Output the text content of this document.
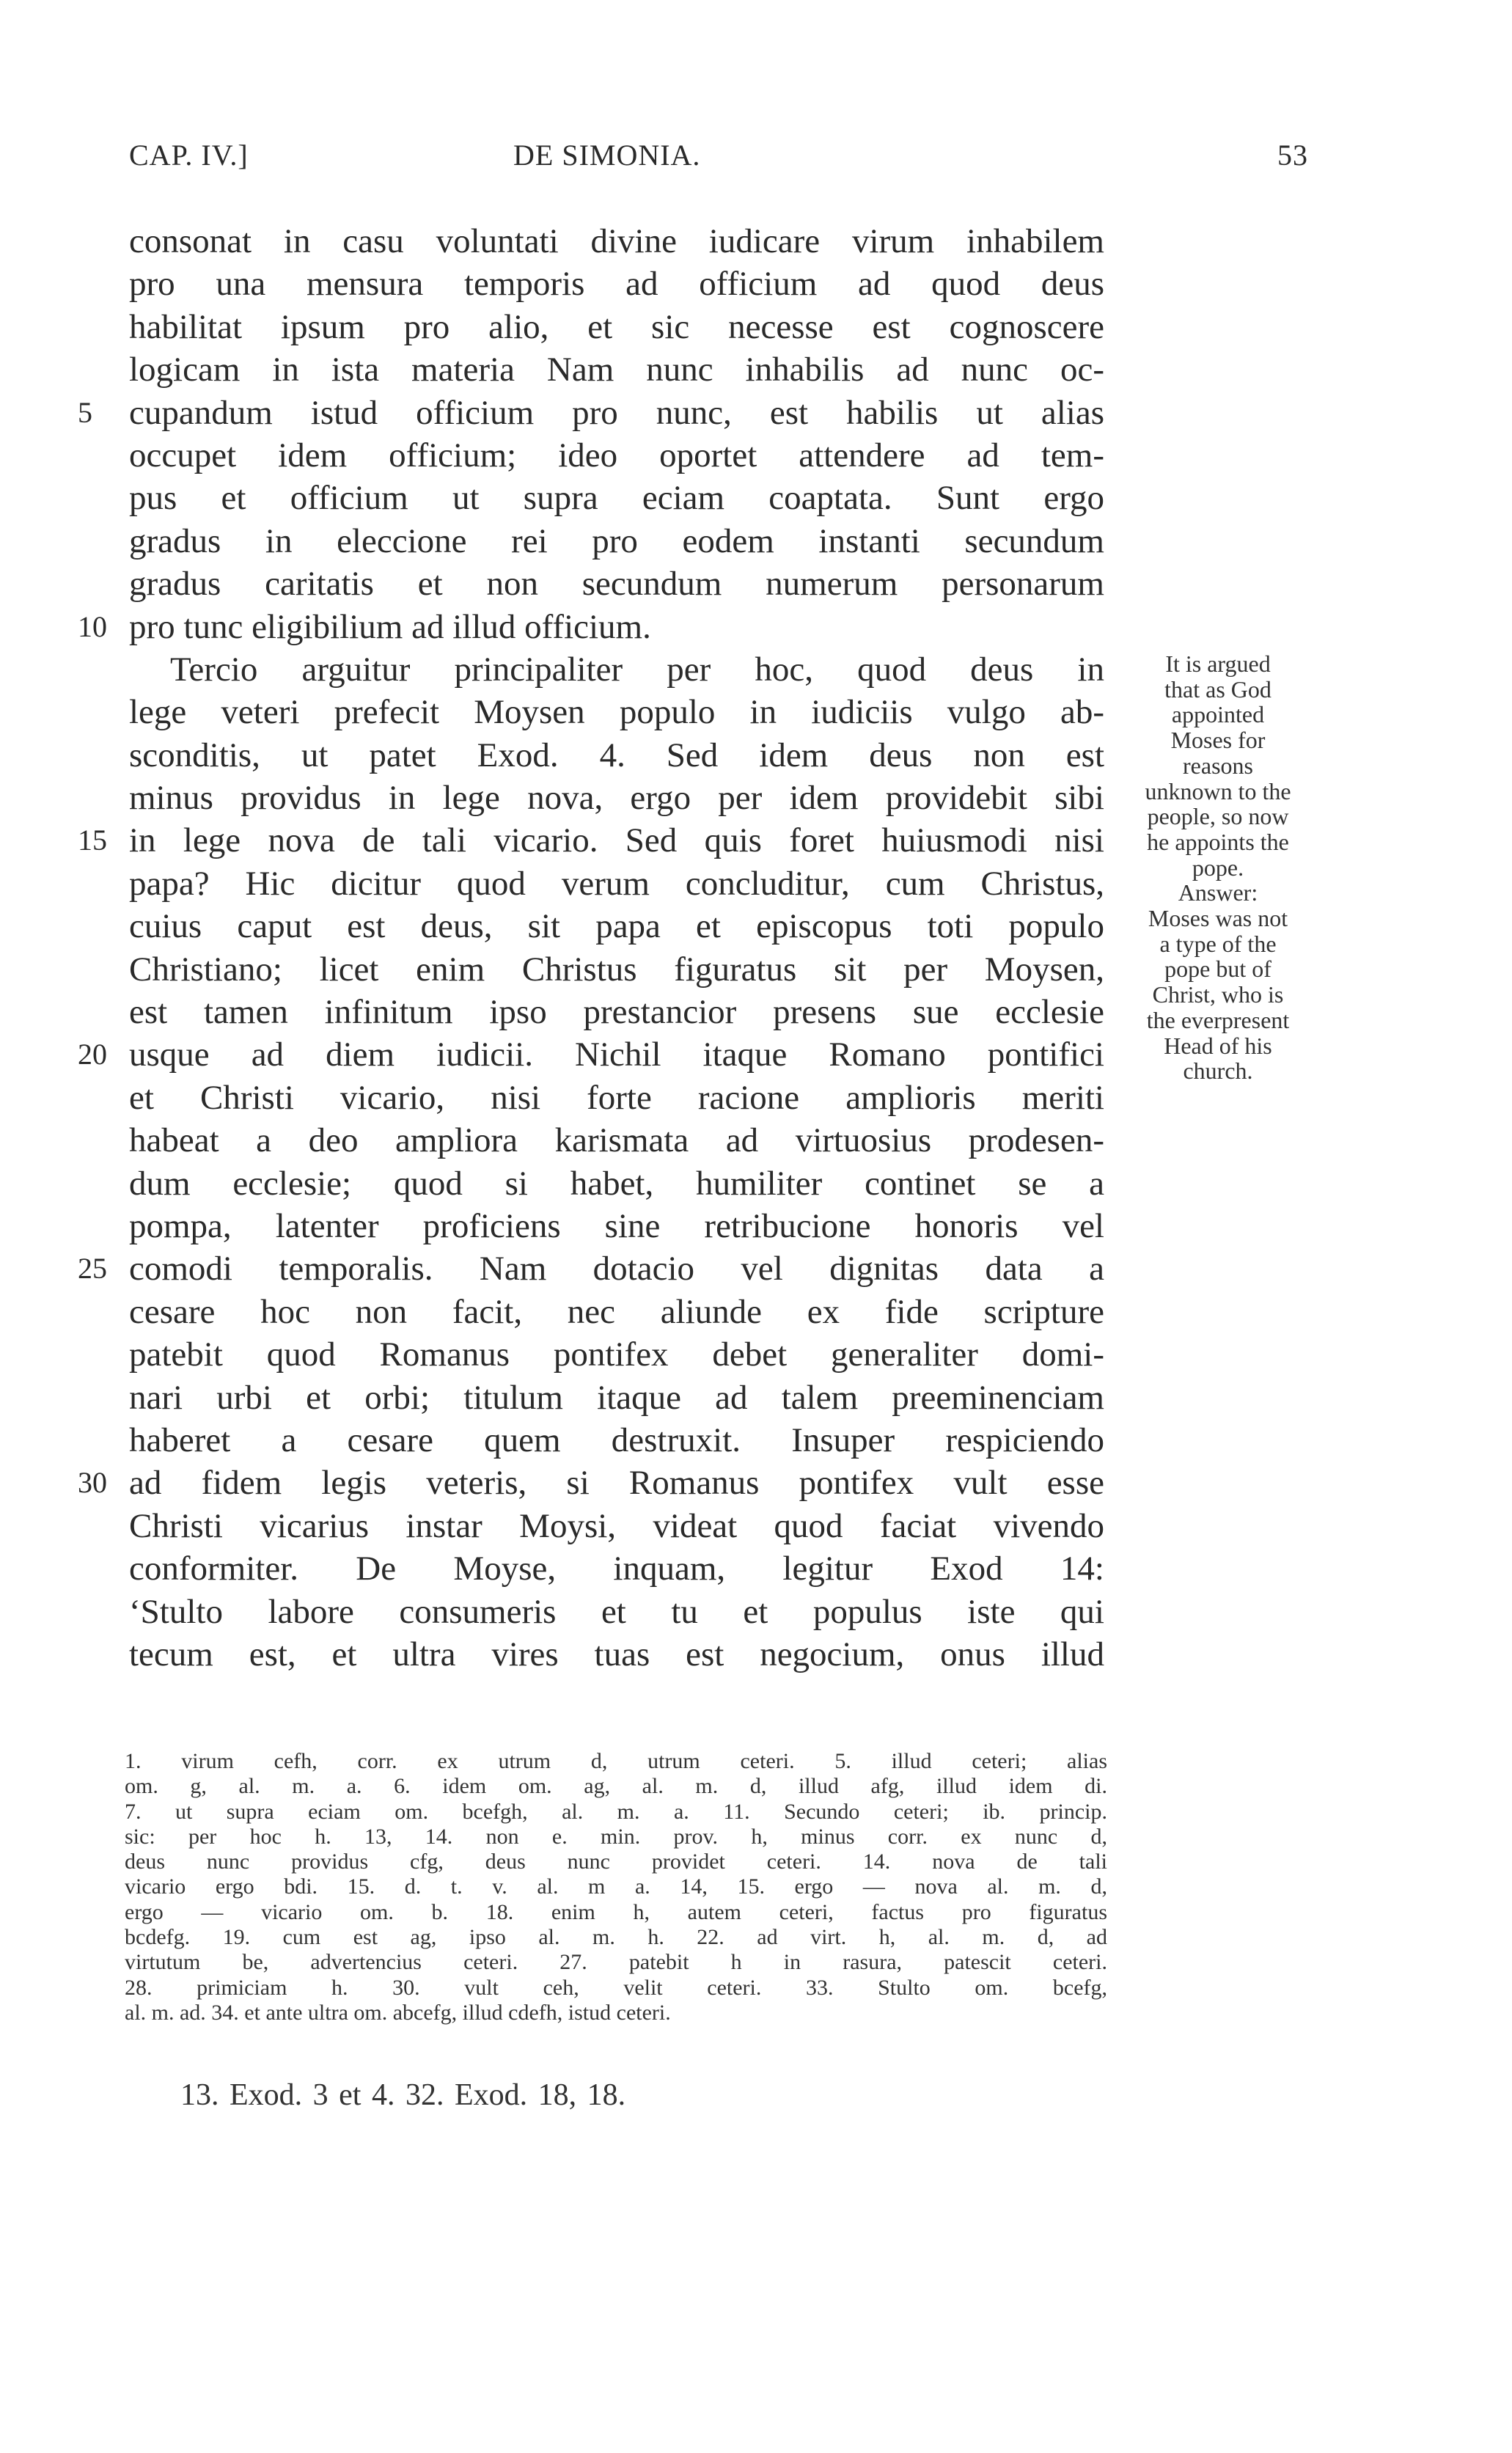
CAP. IV.]	DE SIMONIA.	53
consonat in casu voluntati divine iudicare virum inhabilem
pro una mensura temporis ad officium ad quod deus
habilitat ipsum pro alio, et sic necesse est cognoscere
logicam in ista materia Nam nunc inhabilis ad nunc oc-
5	cupandum istud officium pro nunc, est habilis ut alias
occupet idem officium; ideo oportet attendere ad tem-
pus et officium ut supra eciam coaptata. Sunt ergo
gradus in eleccione rei pro eodem instanti secundum
gradus caritatis et non secundum numerum personarum
10 pro tunc eligibilium ad illud officium.
Tercio arguitur principaliter per hoc, quod deus in
lege veteri prefecit Moysen populo in iudiciis vulgo ab-
sconditis, ut patet Exod. 4. Sed idem deus non est
minus providus in lege nova, ergo per idem providebit sibi
15 in lege nova de tali vicario. Sed quis foret huiusmodi nisi
papa? Hic dicitur quod verum concluditur, cum Christus,
cuius caput est deus, sit papa et episcopus toti populo
Christiano; licet enim Christus figuratus sit per Moysen,
est tamen infinitum ipso prestancior presens sue ecclesie
20 usque ad diem iudicii. Nichil itaque Romano pontifici
et Christi vicario, nisi forte racione amplioris meriti
habeat a deo ampliora karismata ad virtuosius prodesen-
dum ecclesie; quod si habet, humiliter continet se a
pompa, latenter proficiens sine retribucione honoris vel
25 comodi temporalis. Nam dotacio vel dignitas data a
cesare hoc non facit, nec aliunde ex fide scripture
patebit quod Romanus pontifex debet generaliter domi-
nari urbi et orbi; titulum itaque ad talem preeminenciam
haberet a cesare quem destruxit. Insuper respiciendo
30 ad fidem legis veteris, si Romanus pontifex vult esse
Christi vicarius instar Moysi, videat quod faciat vivendo
conformiter. De Moyse, inquam, legitur Exod 14:
‘Stulto labore consumeris et tu et populus iste qui
tecum est, et ultra vires tuas est negocium, onus illud
It is argued
that as God
appointed
Moses for
reasons
unknown to the
people, so now
he appoints the
pope.
Answer:
Moses was not
a type of the
pope but of
Christ, who is
the everpresent
Head of his
church.
1. virum cefh, corr. ex utrum d, utrum ceteri. 5. illud ceteri; alias
om. g, al. m. a. 6. idem om. ag, al. m. d, illud afg, illud idem di.
7. ut supra eciam om. bcefgh, al. m. a. 11. Secundo ceteri; ib. princip.
sic: per hoc h. 13, 14. non e. min. prov. h, minus corr. ex nunc d,
deus nunc providus cfg, deus nunc providet ceteri. 14. nova de tali
vicario ergo bdi. 15. d. t. v. al. m a. 14, 15. ergo — nova al. m. d,
ergo — vicario om. b. 18. enim h, autem ceteri, factus pro figuratus
bcdefg. 19. cum est ag, ipso al. m. h. 22. ad virt. h, al. m. d, ad
virtutum be, advertencius ceteri. 27. patebit h in rasura, patescit ceteri.
28. primiciam h. 30. vult ceh, velit ceteri. 33. Stulto om. bcefg,
al. m. ad. 34. et ante ultra om. abcefg, illud cdefh, istud ceteri.
13. Exod. 3 et 4. 32. Exod. 18, 18.
